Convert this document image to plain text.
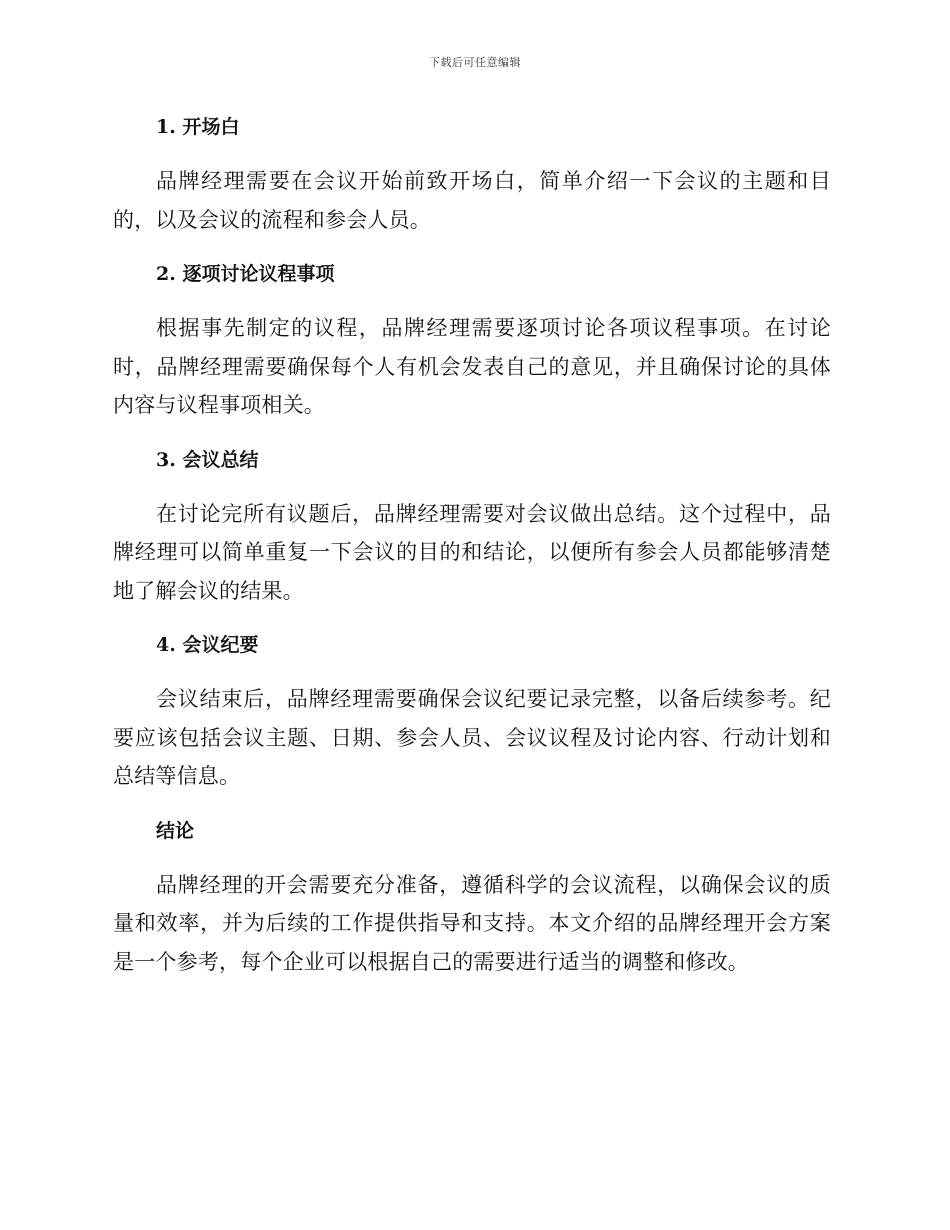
下载后可任意编辑
1. 开场白

品牌经理需要在会议开始前致开场白，简单介绍一下会议的主题和目的，以及会议的流程和参会人员。

2. 逐项讨论议程事项

根据事先制定的议程，品牌经理需要逐项讨论各项议程事项。在讨论时，品牌经理需要确保每个人有机会发表自己的意见，并且确保讨论的具体内容与议程事项相关。

3. 会议总结

在讨论完所有议题后，品牌经理需要对会议做出总结。这个过程中，品牌经理可以简单重复一下会议的目的和结论，以便所有参会人员都能够清楚地了解会议的结果。

4. 会议纪要

会议结束后，品牌经理需要确保会议纪要记录完整，以备后续参考。纪要应该包括会议主题、日期、参会人员、会议议程及讨论内容、行动计划和总结等信息。

结论

品牌经理的开会需要充分准备，遵循科学的会议流程，以确保会议的质量和效率，并为后续的工作提供指导和支持。本文介绍的品牌经理开会方案是一个参考，每个企业可以根据自己的需要进行适当的调整和修改。
